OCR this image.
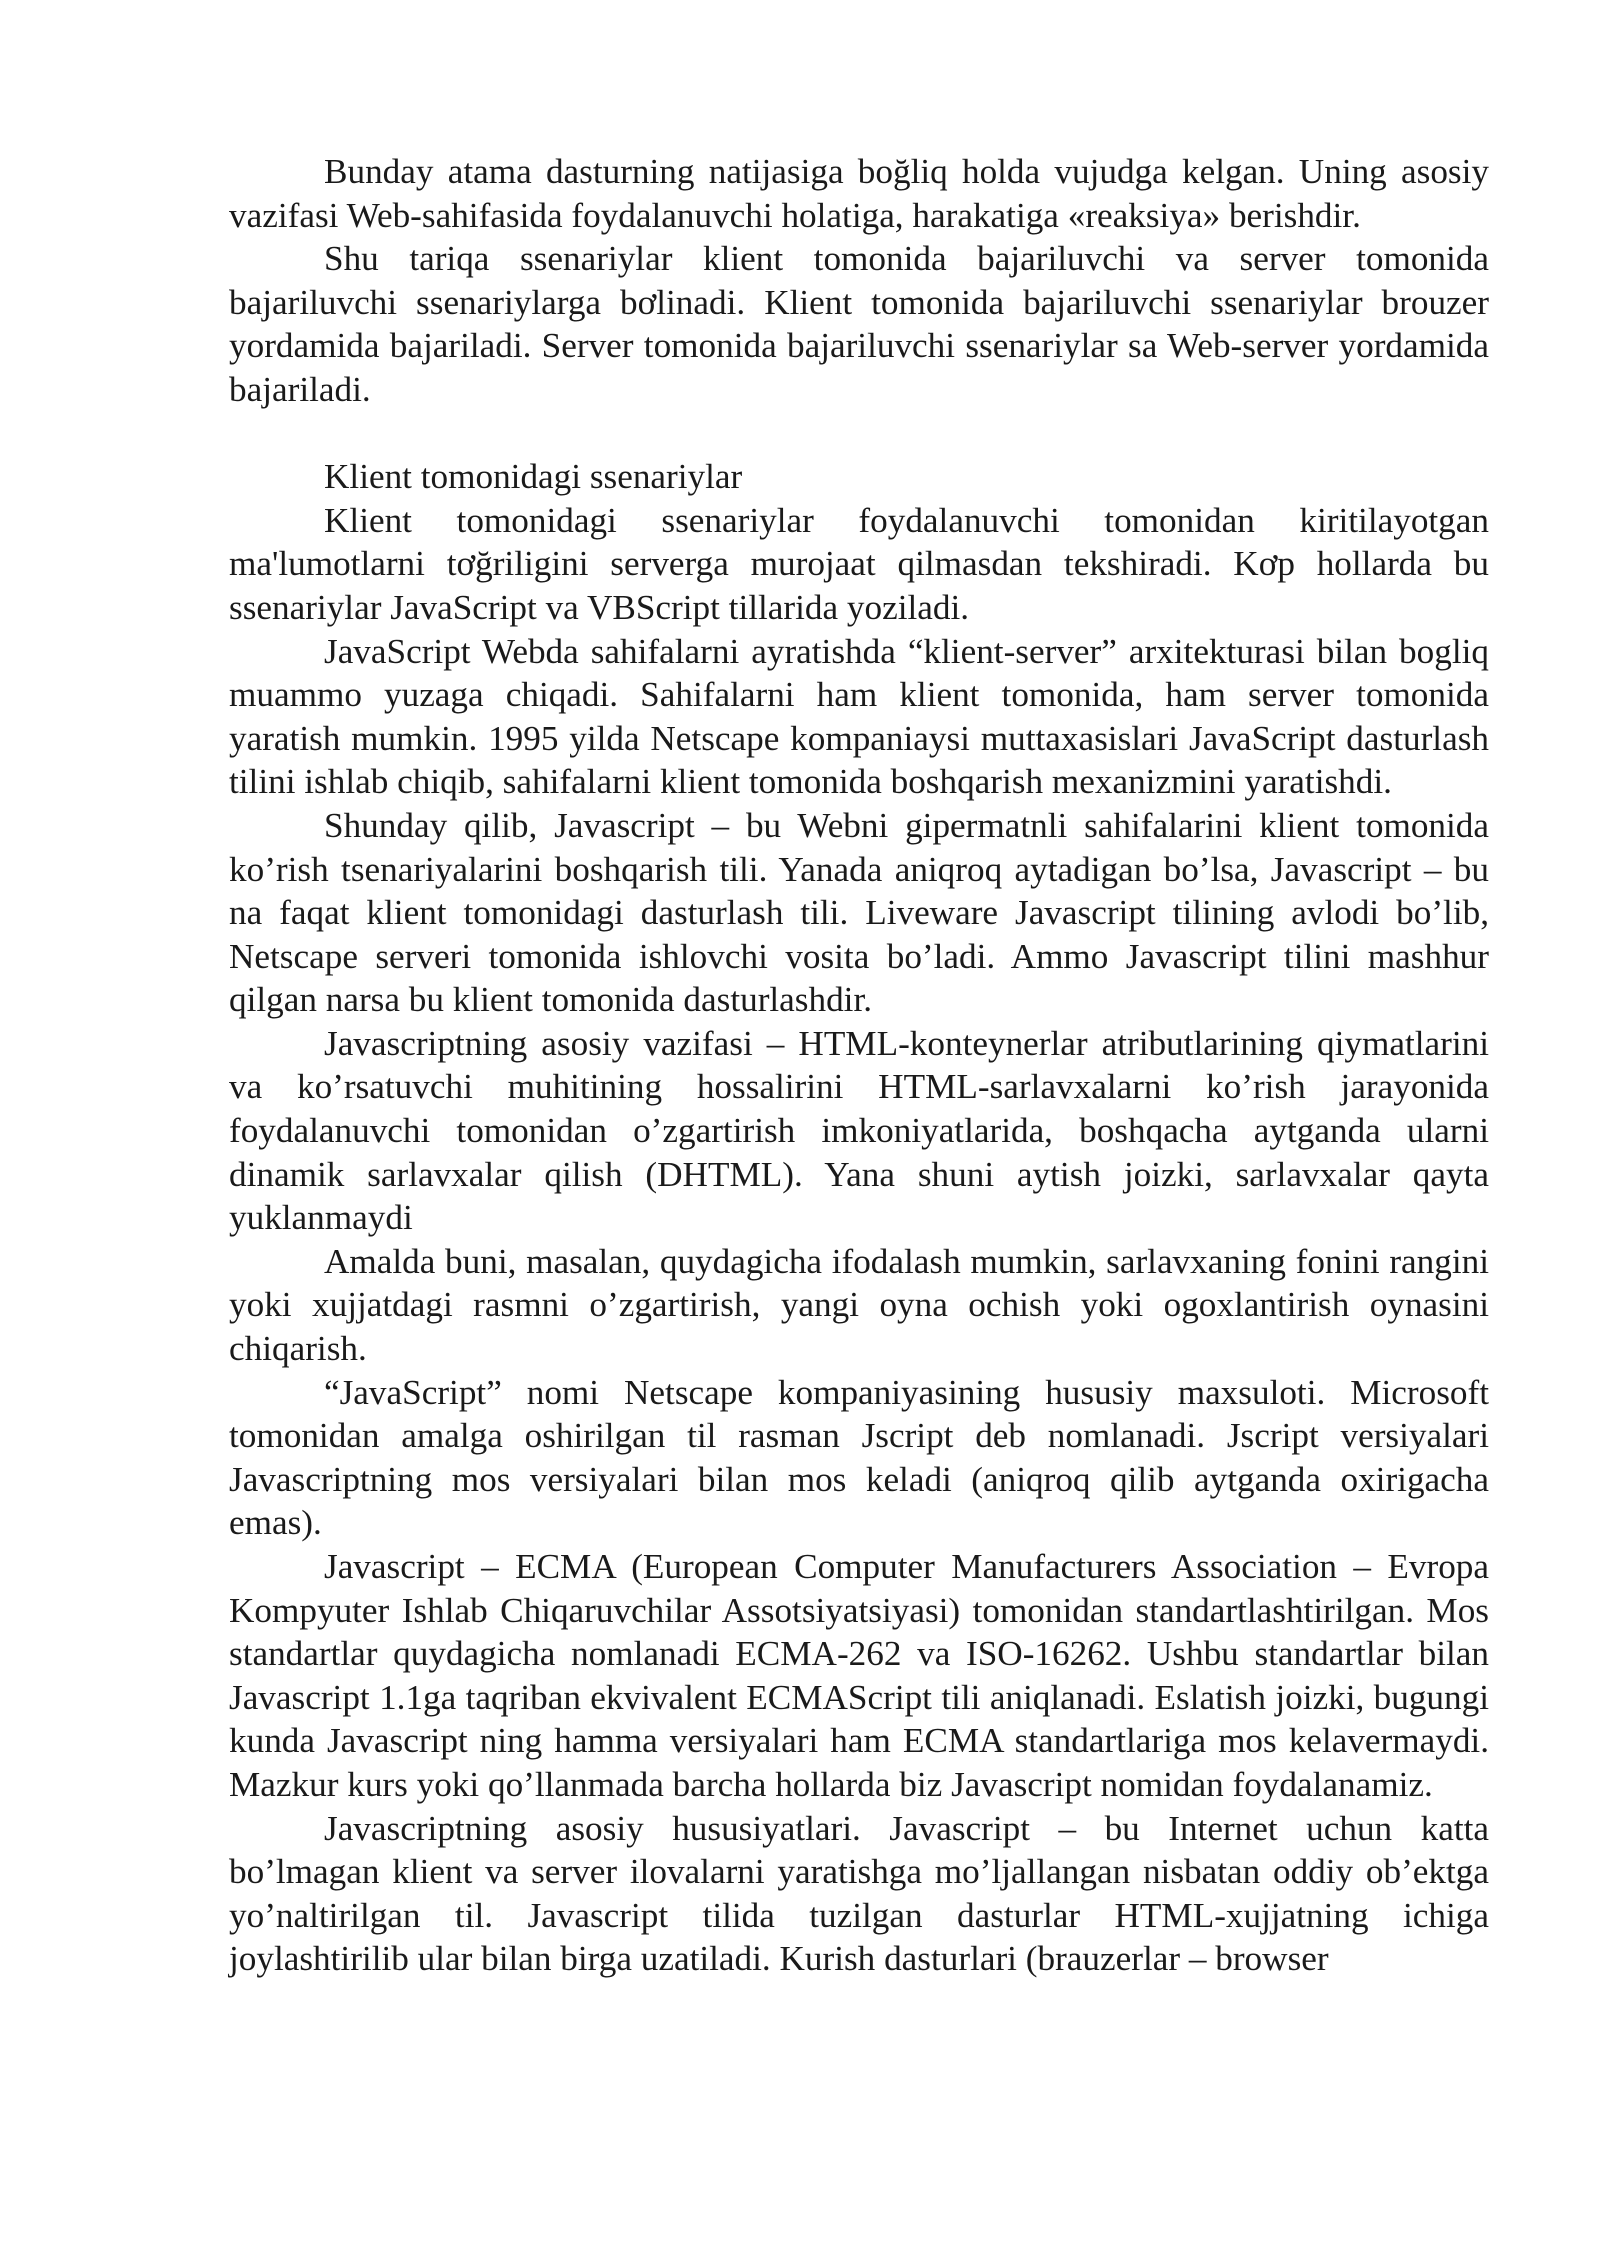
Bunday atama dasturning natijasiga boğliq holda vujudga kelgan. Uning asosiy vazifasi Web-sahifasida foydalanuvchi holatiga, harakatiga «reaksiya» berishdir.

Shu tariqa ssenariylar klient tomonida bajariluvchi va server tomonida bajariluvchi ssenariylarga bơlinadi. Klient tomonida bajariluvchi ssenariylar brouzer yordamida bajariladi. Server tomonida bajariluvchi ssenariylar sa Web-server yordamida bajariladi.

Klient tomonidagi ssenariylar

Klient tomonidagi ssenariylar foydalanuvchi tomonidan kiritilayotgan ma'lumotlarni tơğriligini serverga murojaat qilmasdan tekshiradi. Kơp hollarda bu ssenariylar JavaScript va VBScript tillarida yoziladi.

JavaScript Webda sahifalarni ayratishda “klient-server” arxitekturasi bilan bogliq muammo yuzaga chiqadi. Sahifalarni ham klient tomonida, ham server tomonida yaratish mumkin. 1995 yilda Netscape kompaniaysi muttaxasislari JavaScript dasturlash tilini ishlab chiqib, sahifalarni klient tomonida boshqarish mexanizmini yaratishdi.

Shunday qilib, Javascript – bu Webni gipermatnli sahifalarini klient tomonida ko’rish tsenariyalarini boshqarish tili. Yanada aniqroq aytadigan bo’lsa, Javascript – bu na faqat klient tomonidagi dasturlash tili. Liveware Javascript tilining avlodi bo’lib, Netscape serveri tomonida ishlovchi vosita bo’ladi. Ammo Javascript tilini mashhur qilgan narsa bu klient tomonida dasturlashdir.

Javascriptning asosiy vazifasi – HTML-konteynerlar atributlarining qiymatlarini va ko’rsatuvchi muhitining hossalirini HTML-sarlavxalarni ko’rish jarayonida foydalanuvchi tomonidan o’zgartirish imkoniyatlarida, boshqacha aytganda ularni dinamik sarlavxalar qilish (DHTML). Yana shuni aytish joizki, sarlavxalar qayta yuklanmaydi

Amalda buni, masalan, quydagicha ifodalash mumkin, sarlavxaning fonini rangini yoki xujjatdagi rasmni o’zgartirish, yangi oyna ochish yoki ogoxlantirish oynasini chiqarish.

“JavaScript” nomi Netscape kompaniyasining hususiy maxsuloti. Microsoft tomonidan amalga oshirilgan til rasman Jscript deb nomlanadi. Jscript versiyalari Javascriptning mos versiyalari bilan mos keladi (aniqroq qilib aytganda oxirigacha emas).

Javascript – ECMA (European Computer Manufacturers Association – Evropa Kompyuter Ishlab Chiqaruvchilar Assotsiyatsiyasi) tomonidan standartlashtirilgan. Mos standartlar quydagicha nomlanadi ECMA-262 va ISO-16262. Ushbu standartlar bilan Javascript 1.1ga taqriban ekvivalent ECMAScript tili aniqlanadi. Eslatish joizki, bugungi kunda Javascript ning hamma versiyalari ham ECMA standartlariga mos kelavermaydi. Mazkur kurs yoki qo’llanmada barcha hollarda biz Javascript nomidan foydalanamiz.

Javascriptning asosiy hususiyatlari. Javascript – bu Internet uchun katta bo’lmagan klient va server ilovalarni yaratishga mo’ljallangan nisbatan oddiy ob’ektga yo’naltirilgan til. Javascript tilida tuzilgan dasturlar HTML-xujjatning ichiga joylashtirilib ular bilan birga uzatiladi. Kurish dasturlari (brauzerlar – browser
